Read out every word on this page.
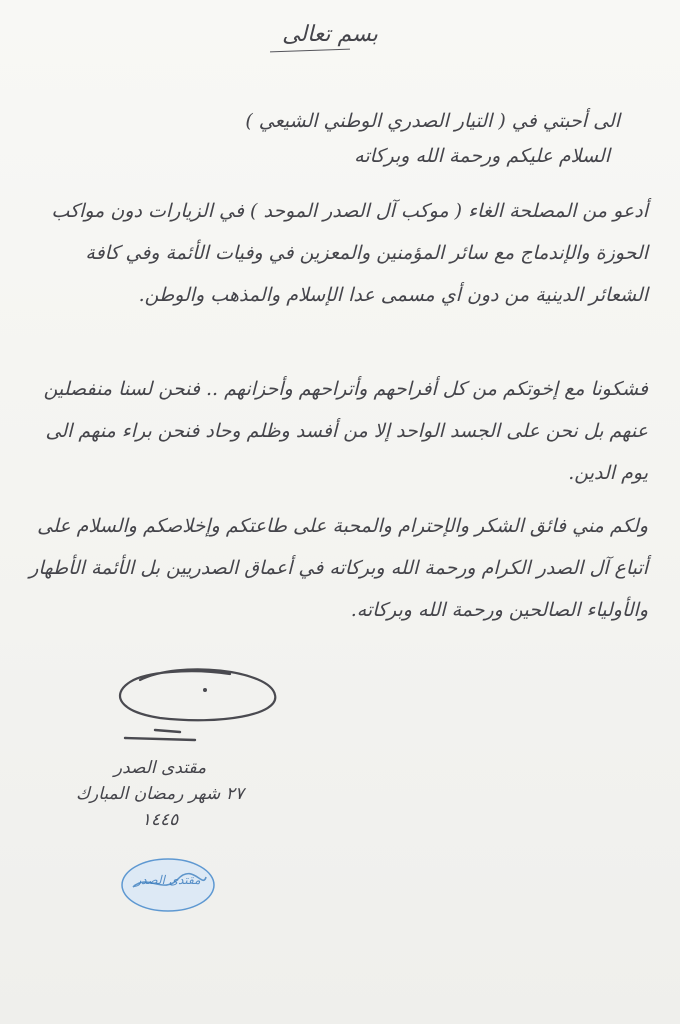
بسم تعالى
الى أحبتي في ( التيار الصدري الوطني الشيعي )
السلام عليكم ورحمة الله وبركاته
أدعو من المصلحة الغاء ( موكب آل الصدر الموحد ) في الزيارات دون مواكب الحوزة والإندماج مع سائر المؤمنين والمعزين في وفيات الأئمة وفي كافة الشعائر الدينية من دون أي مسمى عدا الإسلام والمذهب والوطن.
فشكونا مع إخوتكم من كل أفراحهم وأتراحهم وأحزانهم .. فنحن لسنا منفصلين عنهم بل نحن على الجسد الواحد إلا من أفسد وظلم وحاد فنحن براء منهم الى يوم الدين.
ولكم مني فائق الشكر والإحترام والمحبة على طاعتكم وإخلاصكم والسلام على أتباع آل الصدر الكرام ورحمة الله وبركاته في أعماق الصدريين بل الأئمة الأطهار والأولياء الصالحين ورحمة الله وبركاته.
مقتدى الصدر
٢٧ شهر رمضان المبارك
١٤٤٥
مقتدى الصدر
